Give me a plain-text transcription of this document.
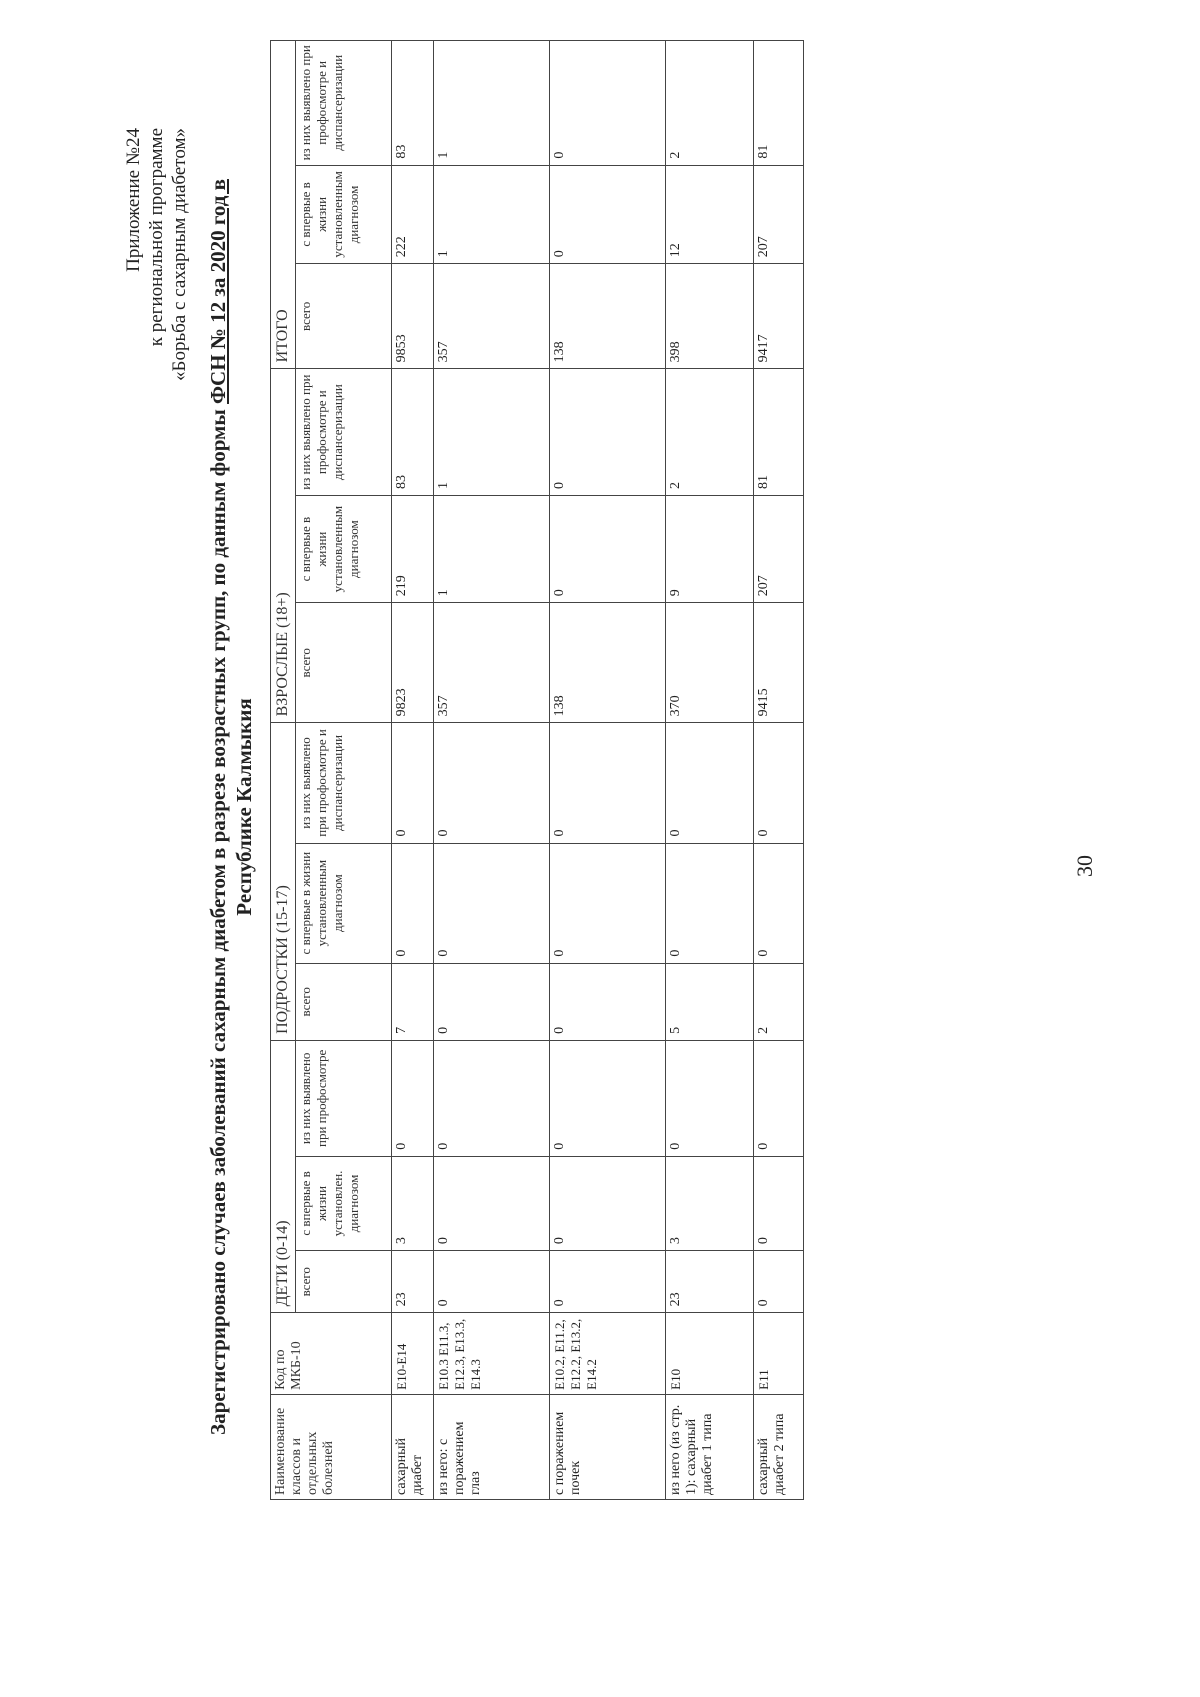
Приложение №24 к региональной программе «Борьба с сахарным диабетом»
Зарегистрировано случаев заболеваний сахарным диабетом в разрезе возрастных групп, по данным формы ФСН № 12 за 2020 год в
Республике Калмыкия
Наименование классов и отдельных болезней	Код по МКБ-10	ДЕТИ (0-14)			ПОДРОСТКИ (15-17)			ВЗРОСЛЫЕ (18+)			ИТОГО		
		всего	с впервые в жизни установлен. диагнозом	из них выявлено при профосмотре	всего	с впервые в жизни установленным диагнозом	из них выявлено при профосмотре и диспансеризации	всего	с впервые в жизни установленным диагнозом	из них выявлено при профосмотре и диспансеризации	всего	с впервые в жизни установленным диагнозом	из них выявлено при профосмотре и диспансеризации
сахарный диабет	E10-E14	23	3	0	7	0	0	9823	219	83	9853	222	83
из него: с поражением глаз	E10.3 E11.3, E12.3, E13.3, E14.3	0	0	0	0	0	0	357	1	1	357	1	1
с поражением почек	E10.2, E11.2, E12.2, E13.2, E14.2	0	0	0	0	0	0	138	0	0	138	0	0
из него (из стр. 1): сахарный диабет 1 типа	E10	23	3	0	5	0	0	370	9	2	398	12	2
сахарный диабет 2 типа	E11	0	0	0	2	0	0	9415	207	81	9417	207	81
30
